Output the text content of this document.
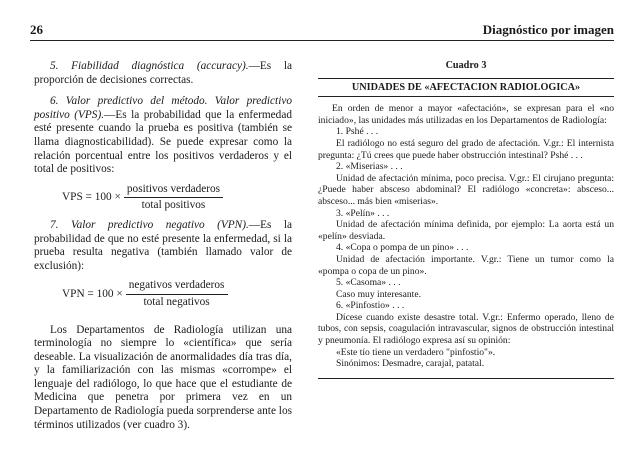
26	Diagnóstico por imagen

5. Fiabilidad diagnóstica (accuracy).—Es la proporción de decisiones correctas.

6. Valor predictivo del método. Valor predictivo positivo (VPS).—Es la probabilidad que la enfermedad esté presente cuando la prueba es positiva (también se llama diagnosticabilidad). Se puede expresar como la relación porcentual entre los positivos verdaderos y el total de positivos:

VPS = $100 \times \frac{\text{positivos verdaderos}}{\text{total positivos}}$

7. Valor predictivo negativo (VPN).—Es la probabilidad de que no esté presente la enfermedad, si la prueba resulta negativa (también llamado valor de exclusión):

VPN = $100 \times \frac{\text{negativos verdaderos}}{\text{total negativos}}$

Los Departamentos de Radiología utilizan una terminología no siempre lo «científica» que sería deseable. La visualización de anormalidades día tras día, y la familiarización con las mismas «corrompe» el lenguaje del radiólogo, lo que hace que el estudiante de Medicina que penetra por primera vez en un Departamento de Radiología pueda sorprenderse ante los términos utilizados (ver cuadro 3).

Cuadro 3
UNIDADES DE «AFECTACION RADIOLOGICA»

En orden de menor a mayor «afectación», se expresan para el «no iniciado», las unidades más utilizadas en los Departamentos de Radiología:

1. Pshé . . .

El radiólogo no está seguro del grado de afectación. V.gr.: El internista pregunta: ¿Tú crees que puede haber obstrucción intestinal? Pshé . . .

2. «Miserias» . . .

Unidad de afectación mínima, poco precisa. V.gr.: El cirujano pregunta: ¿Puede haber absceso abdominal? El radiólogo «concreta»: absceso... absceso... más bien «miserias».

3. «Pelín» . . .

Unidad de afectación mínima definida, por ejemplo: La aorta está un «pelín» desviada.

4. «Copa o pompa de un pino» . . .

Unidad de afectación importante. V.gr.: Tiene un tumor como la «pompa o copa de un pino».

5. «Casoma» . . .

Caso muy interesante.

6. «Pinfostio» . . .

Dícese cuando existe desastre total. V.gr.: Enfermo operado, lleno de tubos, con sepsis, coagulación intravascular, signos de obstrucción intestinal y pneumonía. El radiólogo expresa así su opinión:

«Este tío tiene un verdadero "pinfostio"».

Sinónimos: Desmadre, carajal, patatal.
